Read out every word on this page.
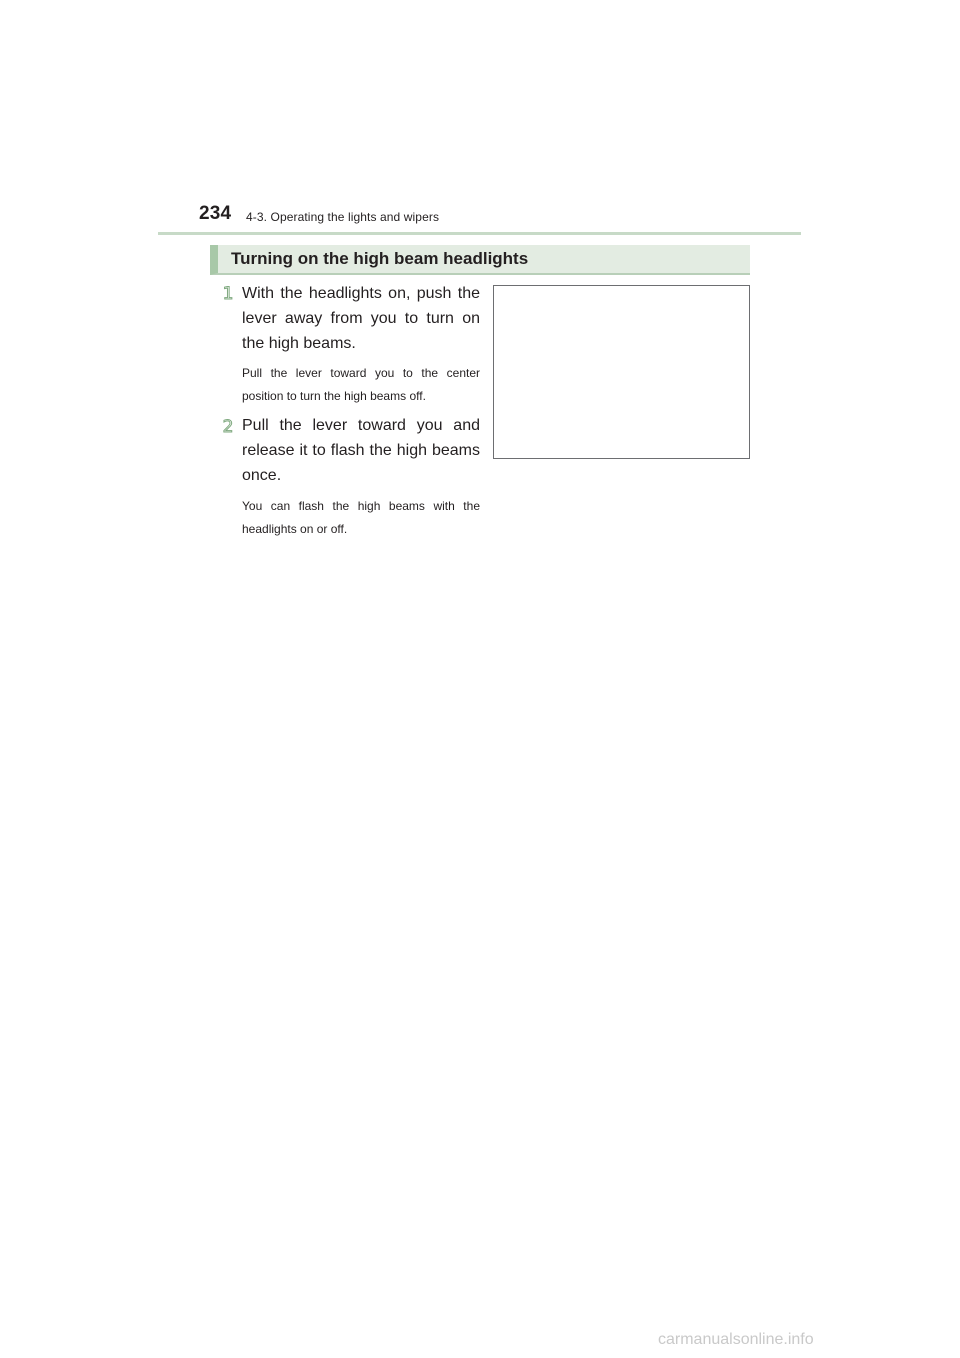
234 4-3. Operating the lights and wipers
Turning on the high beam headlights
1 With the headlights on, push the lever away from you to turn on the high beams.
Pull the lever toward you to the center position to turn the high beams off.
2 Pull the lever toward you and release it to flash the high beams once.
You can flash the high beams with the headlights on or off.
carmanualsonline.info
